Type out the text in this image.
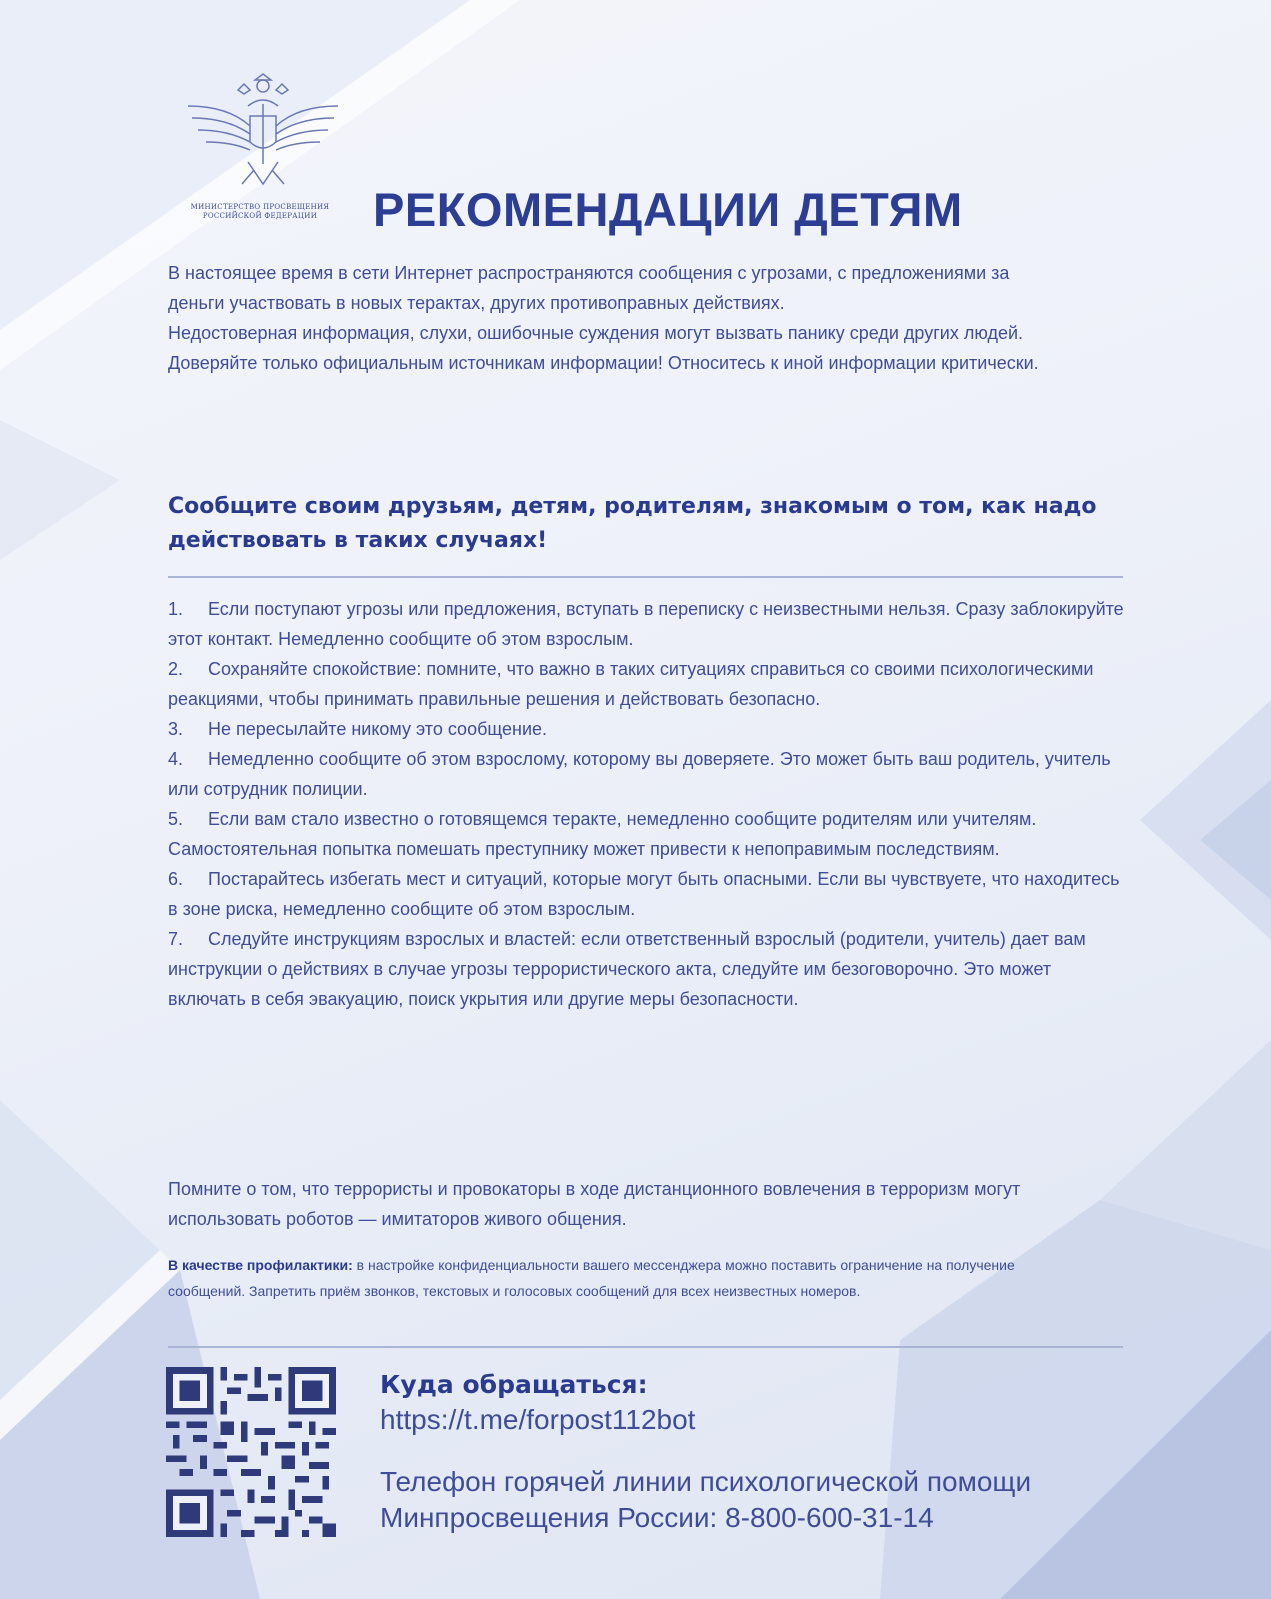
МИНИСТЕРСТВО ПРОСВЕЩЕНИЯ
РОССИЙСКОЙ ФЕДЕРАЦИИ	РЕКОМЕНДАЦИИ ДЕТЯМ

В настоящее время в сети Интернет распространяются сообщения с угрозами, с предложениями за деньги участвовать в новых терактах, других противоправных действиях.

Недостоверная информация, слухи, ошибочные суждения могут вызвать панику среди других людей.

Доверяйте только официальным источникам информации! Относитесь к иной информации критически.

Сообщите своим друзьям, детям, родителям, знакомым о том, как надо действовать в таких случаях!
1. Если поступают угрозы или предложения, вступать в переписку с неизвестными нельзя. Сразу заблокируйте этот контакт. Немедленно сообщите об этом взрослым.
2. Сохраняйте спокойствие: помните, что важно в таких ситуациях справиться со своими психологическими реакциями, чтобы принимать правильные решения и действовать безопасно.
3. Не пересылайте никому это сообщение.
4. Немедленно сообщите об этом взрослому, которому вы доверяете. Это может быть ваш родитель, учитель или сотрудник полиции.
5. Если вам стало известно о готовящемся теракте, немедленно сообщите родителям или учителям. Самостоятельная попытка помешать преступнику может привести к непоправимым последствиям.
6. Постарайтесь избегать мест и ситуаций, которые могут быть опасными. Если вы чувствуете, что находитесь в зоне риска, немедленно сообщите об этом взрослым.
7. Следуйте инструкциям взрослых и властей: если ответственный взрослый (родители, учитель) дает вам инструкции о действиях в случае угрозы террористического акта, следуйте им безоговорочно. Это может включать в себя эвакуацию, поиск укрытия или другие меры безопасности.
Помните о том, что террористы и провокаторы в ходе дистанционного вовлечения в терроризм могут использовать роботов — имитаторов живого общения.
В качестве профилактики: в настройке конфиденциальности вашего мессенджера можно поставить ограничение на получение сообщений. Запретить приём звонков, текстовых и голосовых сообщений для всех неизвестных номеров.
Куда обращаться:
https://t.me/forpost112bot
Телефон горячей линии психологической помощи
Минпросвещения России: 8-800-600-31-14
